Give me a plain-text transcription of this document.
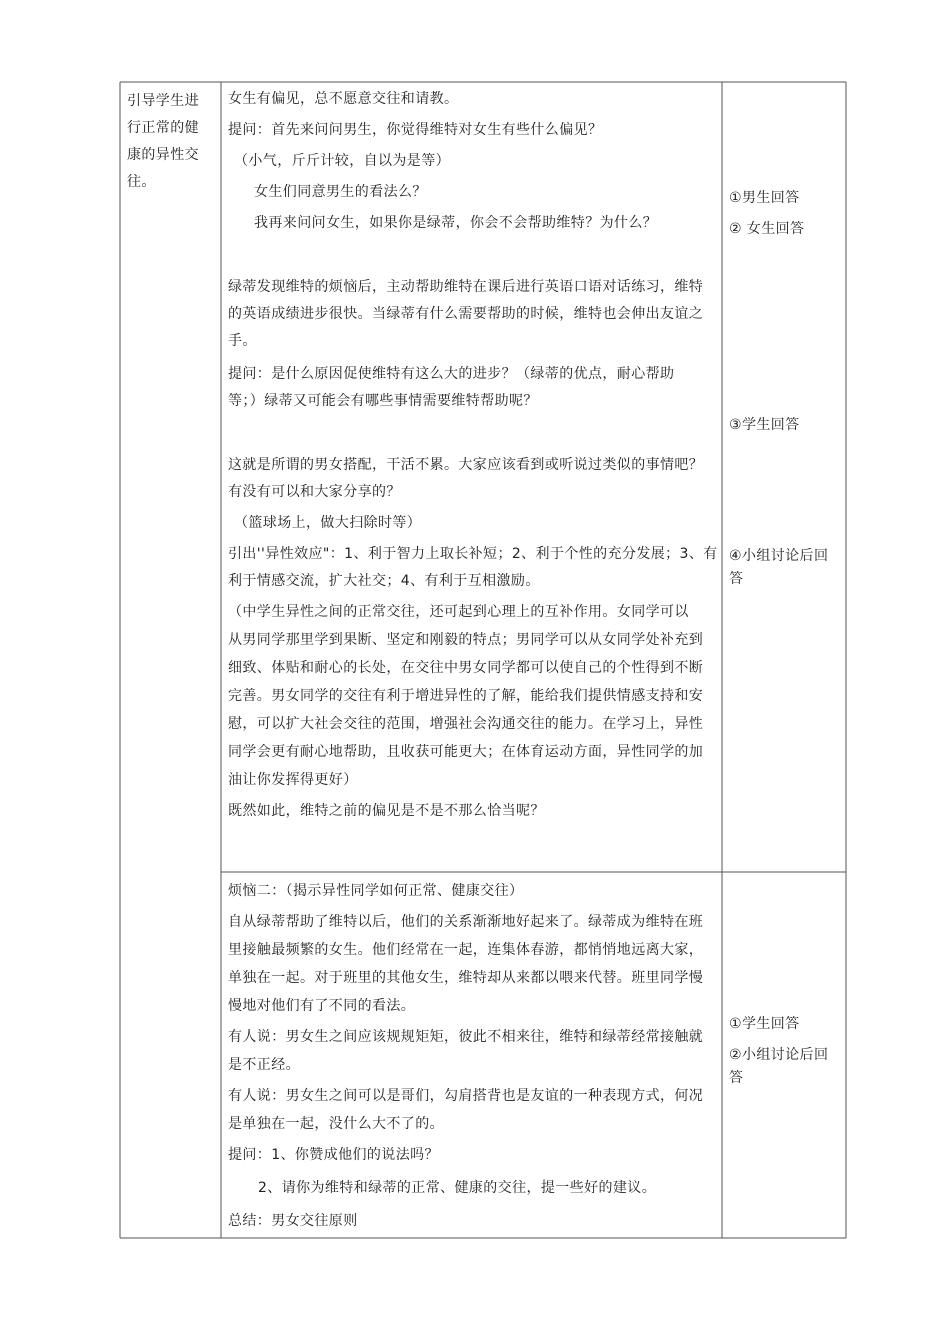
引导学生进

行正常的健

康的异性交

往。

女生有偏见，总不愿意交往和请教。

提问：首先来问问男生，你觉得维特对女生有些什么偏见？

（小气，斤斤计较，自以为是等）

女生们同意男生的看法么？

我再来问问女生，如果你是绿蒂，你会不会帮助维特？为什么？

绿蒂发现维特的烦恼后，主动帮助维特在课后进行英语口语对话练习，维特

的英语成绩进步很快。当绿蒂有什么需要帮助的时候，维特也会伸出友谊之

手。

提问：是什么原因促使维特有这么大的进步？（绿蒂的优点，耐心帮助

等；）绿蒂又可能会有哪些事情需要维特帮助呢？

这就是所谓的男女搭配，干活不累。大家应该看到或听说过类似的事情吧？

有没有可以和大家分享的？

（篮球场上，做大扫除时等）

引出''异性效应"：1、利于智力上取长补短；2、利于个性的充分发展；3、有

利于情感交流，扩大社交；4、有利于互相激励。

（中学生异性之间的正常交往，还可起到心理上的互补作用。女同学可以

从男同学那里学到果断、坚定和刚毅的特点；男同学可以从女同学处补充到

细致、体贴和耐心的长处，在交往中男女同学都可以使自己的个性得到不断

完善。男女同学的交往有利于增进异性的了解，能给我们提供情感支持和安

慰，可以扩大社会交往的范围，增强社会沟通交往的能力。在学习上，异性

同学会更有耐心地帮助，且收获可能更大；在体育运动方面，异性同学的加

油让你发挥得更好）

既然如此，维特之前的偏见是不是不那么恰当呢？

①男生回答

② 女生回答

③学生回答

④小组讨论后回

答

烦恼二：（揭示异性同学如何正常、健康交往）

自从绿蒂帮助了维特以后，他们的关系渐渐地好起来了。绿蒂成为维特在班

里接触最频繁的女生。他们经常在一起，连集体春游，都悄悄地远离大家，

单独在一起。对于班里的其他女生，维特却从来都以喂来代替。班里同学慢

慢地对他们有了不同的看法。

有人说：男女生之间应该规规矩矩，彼此不相来往，维特和绿蒂经常接触就

是不正经。

有人说：男女生之间可以是哥们，勾肩搭背也是友谊的一种表现方式，何况

是单独在一起，没什么大不了的。

提问：1、你赞成他们的说法吗？

2、请你为维特和绿蒂的正常、健康的交往，提一些好的建议。

总结：男女交往原则

①学生回答

②小组讨论后回

答
